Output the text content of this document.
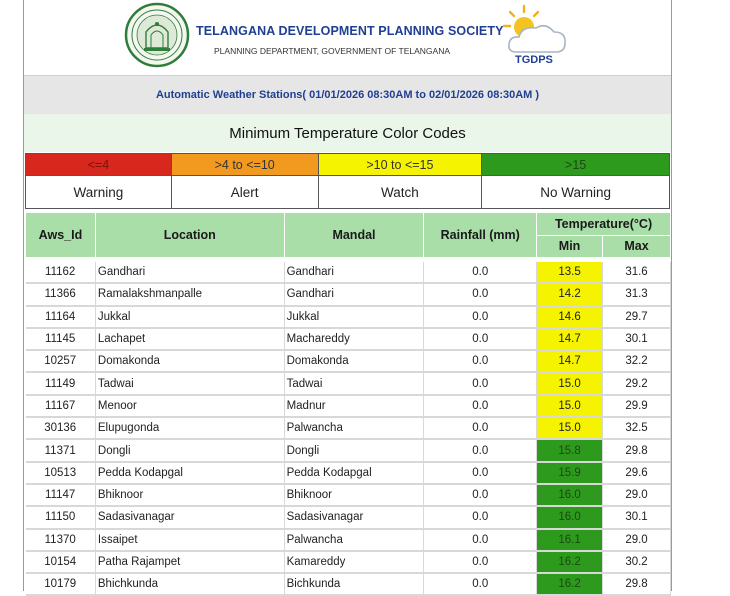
TELANGANA DEVELOPMENT PLANNING SOCIETY
PLANNING DEPARTMENT, GOVERNMENT OF TELANGANA
TGDPS
Automatic Weather Stations( 01/01/2026 08:30AM to 02/01/2026 08:30AM )
Minimum Temperature Color Codes
<=4	>4 to <=10	>10 to <=15	>15
Warning	Alert	Watch	No Warning
Aws_Id	Location	Mandal	Rainfall (mm)	Temperature(°C)	
				Min	Max

11162	Gandhari	Gandhari	0.0	13.5	31.6
11366	Ramalakshmanpalle	Gandhari	0.0	14.2	31.3
11164	Jukkal	Jukkal	0.0	14.6	29.7
11145	Lachapet	Machareddy	0.0	14.7	30.1
10257	Domakonda	Domakonda	0.0	14.7	32.2
11149	Tadwai	Tadwai	0.0	15.0	29.2
11167	Menoor	Madnur	0.0	15.0	29.9
30136	Elupugonda	Palwancha	0.0	15.0	32.5
11371	Dongli	Dongli	0.0	15.8	29.8
10513	Pedda Kodapgal	Pedda Kodapgal	0.0	15.9	29.6
11147	Bhiknoor	Bhiknoor	0.0	16.0	29.0
11150	Sadasivanagar	Sadasivanagar	0.0	16.0	30.1
11370	Issaipet	Palwancha	0.0	16.1	29.0
10154	Patha Rajampet	Kamareddy	0.0	16.2	30.2
10179	Bhichkunda	Bichkunda	0.0	16.2	29.8
